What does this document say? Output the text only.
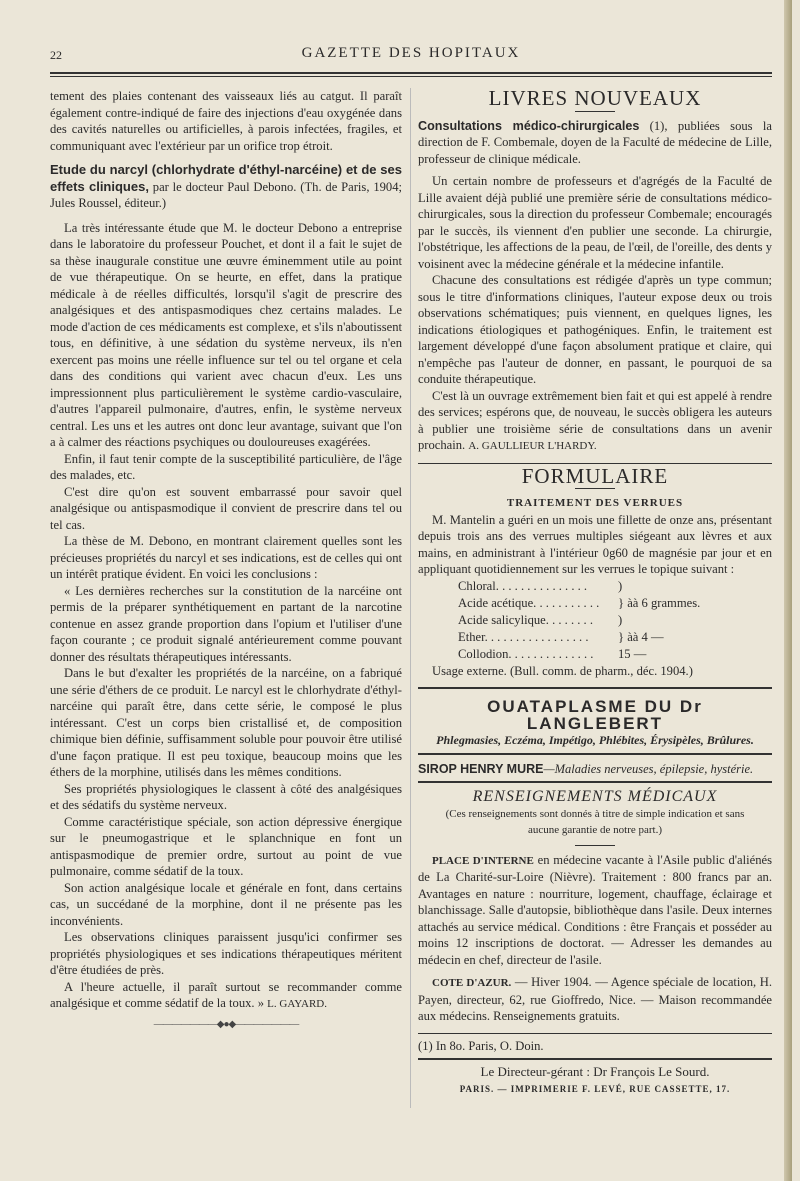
22	GAZETTE DES HOPITAUX

tement des plaies contenant des vaisseaux liés au catgut. Il paraît également contre-indiqué de faire des injections d'eau oxygénée dans des cavités naturelles ou artificielles, à parois infectées, fragiles, et communiquant avec l'extérieur par un orifice trop étroit.

Etude du narcyl (chlorhydrate d'éthyl-narcéine) et de ses effets cliniques, par le docteur Paul Debono. (Th. de Paris, 1904; Jules Roussel, éditeur.)

La très intéressante étude que M. le docteur Debono a entreprise dans le laboratoire du professeur Pouchet, et dont il a fait le sujet de sa thèse inaugurale constitue une œuvre éminemment utile au point de vue thérapeutique. On se heurte, en effet, dans la pratique médicale à de réelles difficultés, lorsqu'il s'agit de prescrire des analgésiques et des antispasmodiques chez certains malades. Le mode d'action de ces médicaments est complexe, et s'ils n'aboutissent tous, en définitive, à une sédation du système nerveux, ils n'en exercent pas moins une réelle influence sur tel ou tel organe et cela dans des conditions qui varient avec chacun d'eux. Les uns impressionnent plus particulièrement le système cardio-vasculaire, d'autres l'appareil pulmonaire, d'autres, enfin, le système nerveux central. Les uns et les autres ont donc leur avantage, suivant que l'on a à calmer des réactions psychiques ou douloureuses exagérées.

Enfin, il faut tenir compte de la susceptibilité particulière, de l'âge des malades, etc.

C'est dire qu'on est souvent embarrassé pour savoir quel analgésique ou antispasmodique il convient de prescrire dans tel ou tel cas.

La thèse de M. Debono, en montrant clairement quelles sont les précieuses propriétés du narcyl et ses indications, est de celles qui ont un intérêt pratique évident. En voici les conclusions :

« Les dernières recherches sur la constitution de la narcéine ont permis de la préparer synthétiquement en partant de la narcotine contenue en assez grande proportion dans l'opium et l'utiliser d'une façon courante ; ce produit signalé antérieurement comme pouvant donner des résultats thérapeutiques intéressants.

Dans le but d'exalter les propriétés de la narcéine, on a fabriqué une série d'éthers de ce produit. Le narcyl est le chlorhydrate d'éthyl-narcéine qui paraît être, dans cette série, le composé le plus intéressant. C'est un corps bien cristallisé et, de composition chimique bien définie, suffisamment soluble pour pouvoir être utilisé d'une façon pratique. Il est peu toxique, beaucoup moins que les éthers de la morphine, utilisés dans les mêmes conditions.

Ses propriétés physiologiques le classent à côté des analgésiques et des sédatifs du système nerveux.

Comme caractéristique spéciale, son action dépressive énergique sur le pneumogastrique et le splanchnique en font un antispasmodique de premier ordre, surtout au point de vue pulmonaire, comme sédatif de la toux.

Son action analgésique locale et générale en font, dans certains cas, un succédané de la morphine, dont il ne présente pas les inconvénients.

Les observations cliniques paraissent jusqu'ici confirmer ses propriétés physiologiques et ses indications thérapeutiques méritent d'être étudiées de près.

A l'heure actuelle, il paraît surtout se recommander comme analgésique et comme sédatif de la toux. » L. GAYARD.

———————◆●◆———————
LIVRES NOUVEAUX

Consultations médico-chirurgicales (1), publiées sous la direction de F. Combemale, doyen de la Faculté de médecine de Lille, professeur de clinique médicale.

Un certain nombre de professeurs et d'agrégés de la Faculté de Lille avaient déjà publié une première série de consultations médico-chirurgicales, sous la direction du professeur Combemale; encouragés par le succès, ils viennent d'en publier une seconde. La chirurgie, l'obstétrique, les affections de la peau, de l'œil, de l'oreille, des dents y voisinent avec la médecine générale et la médecine infantile.

Chacune des consultations est rédigée d'après un type commun; sous le titre d'informations cliniques, l'auteur expose deux ou trois observations schématiques; puis viennent, en quelques lignes, les indications étiologiques et pathogéniques. Enfin, le traitement est largement développé d'une façon absolument pratique et claire, qui n'empêche pas l'auteur de donner, en passant, le pourquoi de sa conduite thérapeutique.

C'est là un ouvrage extrêmement bien fait et qui est appelé à rendre des services; espérons que, de nouveau, le succès obligera les auteurs à publier une troisième série de consultations dans un avenir prochain. A. GAULLIEUR L'HARDY.

FORMULAIRE

TRAITEMENT DES VERRUES

M. Mantelin a guéri en un mois une fillette de onze ans, présentant depuis trois ans des verrues multiples siégeant aux lèvres et aux mains, en administrant à l'intérieur 0g60 de magnésie par jour et en appliquant quotidiennement sur les verrues le topique suivant :

Chloral. . . . . . . . . . . . . . . )
Acide acétique. . . . . . . . . . . } àà 6 grammes.
Acide salicylique. . . . . . . . )
Ether. . . . . . . . . . . . . . . . . } àà 4 —
Collodion. . . . . . . . . . . . . . 15 —

Usage externe. (Bull. comm. de pharm., déc. 1904.)

OUATAPLASME DU Dr LANGLEBERT
Phlegmasies, Eczéma, Impétigo, Phlébites, Érysipèles, Brûlures.

SIROP HENRY MURE—Maladies nerveuses, épilepsie, hystérie.

RENSEIGNEMENTS MÉDICAUX

(Ces renseignements sont donnés à titre de simple indication et sans aucune garantie de notre part.)

PLACE D'INTERNE en médecine vacante à l'Asile public d'aliénés de La Charité-sur-Loire (Nièvre). Traitement : 800 francs par an. Avantages en nature : nourriture, logement, chauffage, éclairage et blanchissage. Salle d'autopsie, bibliothèque dans l'asile. Deux internes attachés au service médical. Conditions : être Français et posséder au moins 12 inscriptions de doctorat. — Adresser les demandes au médecin en chef, directeur de l'asile.

COTE D'AZUR. — Hiver 1904. — Agence spéciale de location, H. Payen, directeur, 62, rue Gioffredo, Nice. — Maison recommandée aux médecins. Renseignements gratuits.

(1) In 8o. Paris, O. Doin.

Le Directeur-gérant : Dr François Le Sourd.
PARIS. — IMPRIMERIE F. LEVÉ, RUE CASSETTE, 17.
